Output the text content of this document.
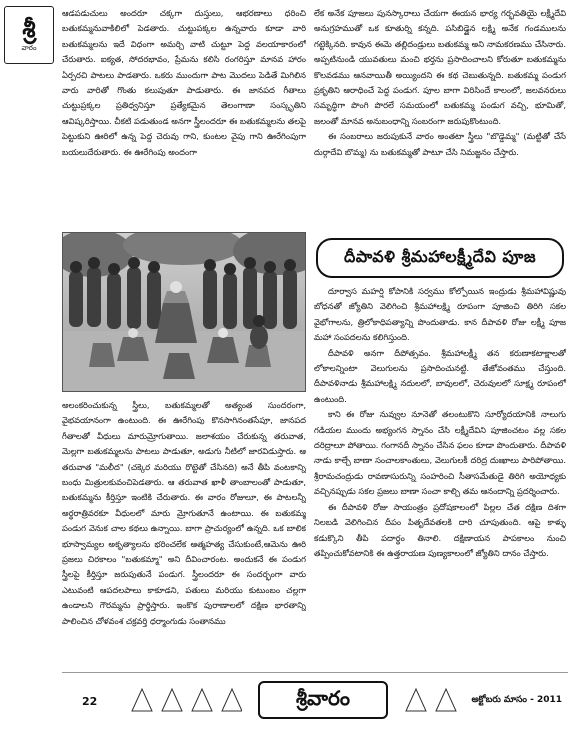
శ్రీ
వారం

ఆడపడుచులు అందరూ చక్కగా దుస్తులు, ఆభరణాలు ధరించి బతుకమ్మనువాకిలిలో పెడతారు. చుట్టుపక్కల ఉన్నవారు కూడా వారి బతుకమ్మలను ఇదే విధంగా అమర్చి వాటి చుట్టూ పెద్ద వలయాకారంలో చేరుతారు. ఐక్యత, సోదరభావం, ప్రేమను కలిసి రంగరిస్తూ మానవ హారం ఏర్పరచి పాటలు పాడతారు. ఒకరు ముందుగా పాట మొదలు పెడితే మిగిలిన వారు వారితో గొంతు కలుపుతూ పాడుతారు. ఈ జానపద గీతాలు చుట్టుప్రక్కల ప్రతిధ్వనిస్తూ ప్రత్యేకమైన తెలంగాణా సంస్కృతిని ఆవిష్కరిస్తాయి. చీకటి పడుతుండ అనగా స్త్రీలందరూ ఈ బతుకమ్మలను తలపై పెట్టుకుని ఊరిలో ఉన్న పెద్ద చెరువు గాని, కుంటల వైపు గాని ఊరేగింపుగా బయలుదేరుతారు. ఈ ఊరేగింపు అందంగా

అలంకరించుకున్న స్త్రీలు, బతుకమ్మలతో అత్యంత సుందరంగా, వైభవయానంగా ఉంటుంది. ఈ ఊరేగింపు కొనసాగినంతసేపూ, జానపద గీతాలతో వీధులు మారుమ్రోగుతాయి. జలాశయం చేరుకున్న తరువాత, మెల్లగా బతుకమ్మలను పాటలు పాడుతూ, అడుగు నీటిలో జారవిడుస్తారు. ఆ తరువాత "మలీద" (చక్కెర మరియు రొట్టెతో చేసినది) అనే తీపి వంటకాన్ని బంధు మిత్రులకువంచిపెడతారు. ఆ తరువాత ఖాళీ తాంబాలంతో పాడుతూ, బతుకమ్మను కీర్తిస్తూ ఇంటికి చేరుతారు. ఈ వారం రోజులూ, ఈ పాటలన్నీ అర్థరాత్రివరకూ వీధులలో మారు మ్రోగుతూనే ఉంటాయి. ఈ బతుకమ్మ పండుగ వెనుక చాల కథలు ఉన్నాయి. బాగా ప్రాచుర్యంలో ఉన్నది. ఒక బాలిక భూస్వామ్యల అకృత్యాలను భరించలేక ఆత్మహత్య చేసుకుంటే,ఆమెను ఊరి ప్రజలు చిరకాలం "బతుకమ్మా" అని దీవించారంట. అందుకనే ఈ పండుగ స్త్రీలపై కీర్తిస్తూ జరుపుతునే పండుగ. స్త్రీలందరూ ఈ సందర్భంగా వారు ఎటువంటి ఆపదలపాలు కాకూడని, పతులు మరియు కుటుంబం చల్లగా ఉండాలని గౌరమ్మను ప్రార్థిస్తారు. ఇంకొక పురాణాలలో దక్షిణ భారతాన్ని పాలించిన చోళవంశ చక్రవర్తి ధర్మాంగుడు సంతానము

లేక అనేక పూజలు పునస్కారాలు చేయగా ఈయన భార్య గర్భవతియై లక్ష్మీదేవి అనుగ్రహముతో ఒక కూతుర్ని కన్నది. పసిబిడ్డైన లక్ష్మి అనేక గండములను గట్టెక్కినది. కావున ఈమె తల్లిదండ్రులు బతుకమ్మ అని నామకరణము చేసినారు. అప్పటినుండి యువతులు మంచి భర్తను ప్రసాదించాలని కోరుతూ బతుకమ్మను కొలవడము ఆనవాయితీ అయ్యిందని ఈ కథ చెబుతున్నది. బతుకమ్మ పండుగ ప్రకృతిని ఆరాధించే పెద్ద పండుగ. పూల బాగా విరిసిందే కాలంలో, జలవనరులు సమృద్ధిగా పొంగి పొరలే సమయంలో బతుకమ్మ పండుగ వచ్చి, భూమితో, జలంతో మానవ అనుబంధాన్ని సంబరంగా జరుపుకొంటుంది.

ఈ సంబరాలు జరుపుకునే వారం అంతటా స్త్రీలు "బొడ్డెమ్మ" (మట్టితో చేసే దుర్గాదేవి బొమ్మ) ను బతుకమ్మతో పాటూ చేసి నిమజ్జనం చేస్తారు.

దీపావళి శ్రీమహాలక్ష్మీదేవి పూజ

దూర్వాస మహర్షి కోపానికి సర్వము కోల్పోయిన ఇంద్రుడు శ్రీమహావిష్ణువు బోధనతో జ్యోతిని వెలిగించి శ్రీమహాలక్ష్మి రూపంగా పూజించి తిరిగి సకల వైభోగాలను, త్రిలోకాధిపత్యాన్ని పొందుతాడు. కాన దీపావళి రోజు లక్ష్మీ పూజ మహా సంపదలను కలిగిస్తుంది.

దీపావళి అనగా దీపోత్సవం. శ్రీమహాలక్ష్మీ తన కరుణాకటాక్షాలతో లోకాలన్నింటా వెలుగులను ప్రసాదించునట్టి. తేజోవంతము చేస్తుంది. దీపావళినాడు శ్రీమహాలక్ష్మి నదులలో, బావులలో, చెరువులలో సూక్ష్మ రూపంలో ఉంటుంది.

కాని ఈ రోజు నువ్వుల నూనెతో తలంటుకొని సూర్యోదయానికి నాలుగు గడియల ముందు అభ్యంగన స్నానం చేసి లక్ష్మీదేవిని పూజించటం వల్ల సకల దరిద్రాలూ పోతాయి. గంగానదీ స్నానం చేసిన ఫలం కూడా పొందుతారు. దీపావళి నాడు కాల్చే బాణా సంచాలకాంతులు, వెలుగులకీ దరిద్ర దుఃఖాలు పారిపోతాయి. శ్రీరామచంద్రుడు రావణాసురున్ని సంహరించి సీతాసమేతుడై తిరిగి అయోధ్యకు వచ్చినప్పుడు సకల ప్రజలు బాణా సంచా కాల్చి తమ ఆనందాన్ని ప్రదర్శించారు.

ఈ దీపావళి రోజు సాయంత్రం ప్రదోషకాలంలో పిల్లల చేత దక్షిణ దిశగా నిలబడి వెలిగించిన దీపం పితృదేవతలకి దారి చూపుతుంది. ఆపై కాళ్ళు కడుక్కొని తీపి పదార్థం తినాలి. దక్షిణాయన పాపకాలం నుంచి తప్పించుకోవటానికి ఈ ఉత్తరాయణ పుణ్యకాలంలో జ్యోతిని దానం చేస్తారు.

22	శ్రీవారం	అక్టోబరు మాసం - 2011
